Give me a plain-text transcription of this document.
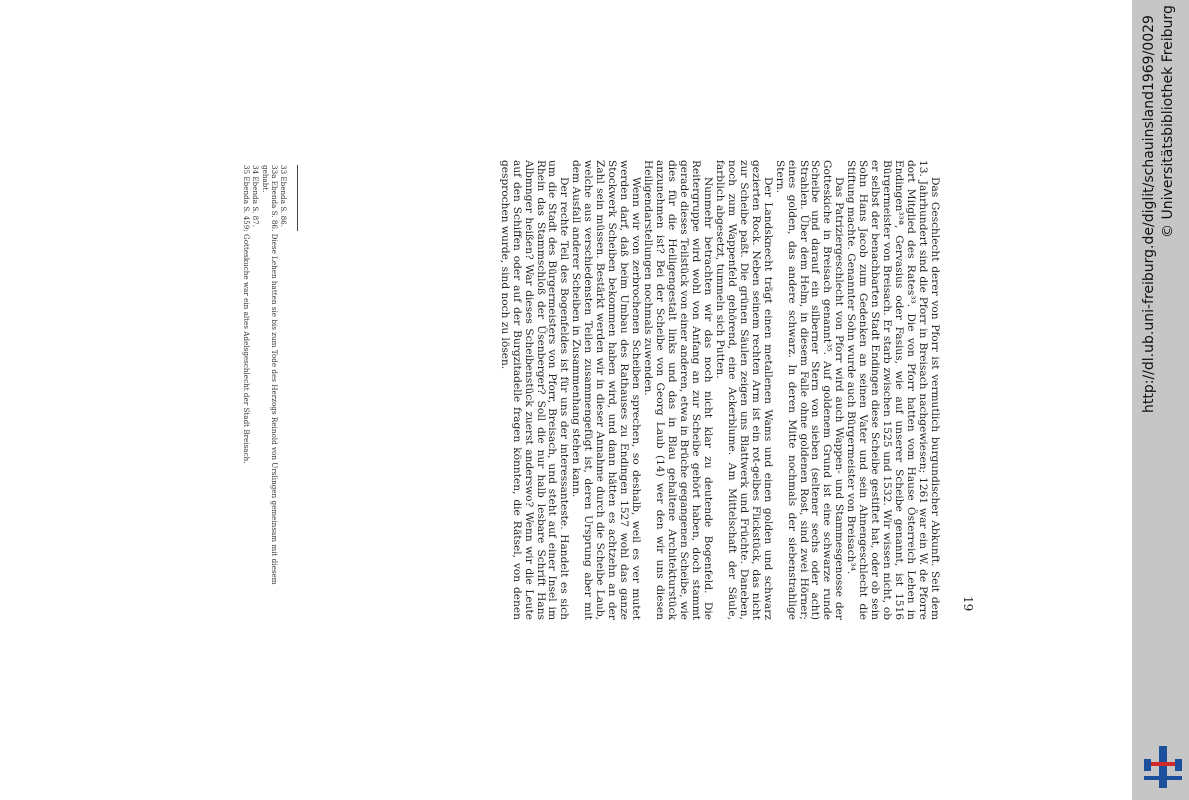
19

Das Geschlecht derer von Pforr ist vermutlich burgundischer Abkunft. Seit dem 13. Jahrhundert sind die Pforr in Breisach nachgewiesen; 1261 war ein W. de Pforre dort Mitglied des Rates³³. Die von Pforr hatten vom Hause Österreich Lehen in Endingen³³ª, Gervasius oder Fasius, wie auf unserer Scheibe genannt, ist 1516 Bürgermeister von Breisach. Er starb zwischen 1525 und 1532. Wir wissen nicht, ob er selbst der benachbarten Stadt Endingen diese Scheibe gestiftet hat, oder ob sein Sohn Hans Jacob zum Gedenken an seinen Vater und sein Ahnengeschlecht die Stiftung machte. Genannter Sohn wurde auch Bürgermeister von Breisach³⁴.

Das Patriziergeschlecht von Pforr wird auch Wappen- und Stammesgenosse der Gotteskiche in Breisach genannt³⁵. Auf goldenem Grund ist eine schwarze runde Scheibe und darauf ein silberner Stern von sieben (seltener sechs oder acht) Strahlen. Über dem Helm, in diesem Falle ohne goldenen Rost, sind zwei Hörner; eines golden, das andere schwarz. In deren Mitte nochmals der siebenstrahlige Stern.

Der Landsknecht trägt einen metallenen Wams und einen golden und schwarz gezierten Rock. Neben seinem rechten Arm ist ein rot-gelbes Flickstück, das nicht zur Scheibe paßt. Die grünen Säulen zeigen uns Blattwerk und Früchte. Daneben, noch zum Wappenfeld gehörend, eine Ackerblume. Am Mittelschaft der Säule, farblich abgesetzt, tummeln sich Putten.

Nunmehr betrachten wir das noch nicht klar zu deutende Bogenfeld. Die Reitergruppe wird wohl von Anfang an zur Scheibe gehört haben, doch stammt gerade dieses Teilstück von einer anderen, etwa in Brüche gegangenen Scheibe, wie dies für die Heiligengestalt links und das in Blau gehaltene Architekturstück anzunehmen ist? Bei der Scheibe von Georg Laub (14) wer den wir uns diesen Heiligendarstellungen nochmals zuwenden.

Wenn wir von zerbrochenen Scheiben sprechen, so deshalb, weil es ver mutet werden darf, daß beim Umbau des Rathauses zu Endingen 1527 wohl das ganze Stockwerk Scheiben bekommen haben wird, und dann hätten es achtzehn an der Zahl sein müssen. Bestärkt werden wir in dieser Annahme durch die Scheibe Laub, welche aus verschiedensten Teilen zusammengefügt ist, deren Ursprung aber mit dem Ausfall anderer Scheiben in Zusammenhang stehen kann.

Der rechte Teil des Bogenfeldes ist für uns der interessanteste. Handelt es sich um die Stadt des Bürgermeisters von Pforr, Breisach, und steht auf einer Insel im Rhein das Stammschloß der Üsenberger? Soll die nur halb lesbare Schrift Hans Albmnger heißen? War dieses Scheibenstück zuerst anderswo? Wenn wir die Leute auf den Schiffen oder auf der Burgzitadelle fragen könnten, die Rätsel, von denen gesprochen wurde, sind noch zu lösen.

33 Ebenda S. 86.

33a Ebenda S. 86. Diese Lehen hatten sie bis zum Tode des Herzogs Reinold von Urslingen gemeinsam mit diesem gehabt.

34 Ebenda S. 87.

35 Ebenda S. 459; Gotteskuche war ein altes Adelsgeschlecht der Stadt Breisach.	http://dl.ub.uni-freiburg.de/diglit/schauinsland1969/0029 © Universitätsbibliothek Freiburg
